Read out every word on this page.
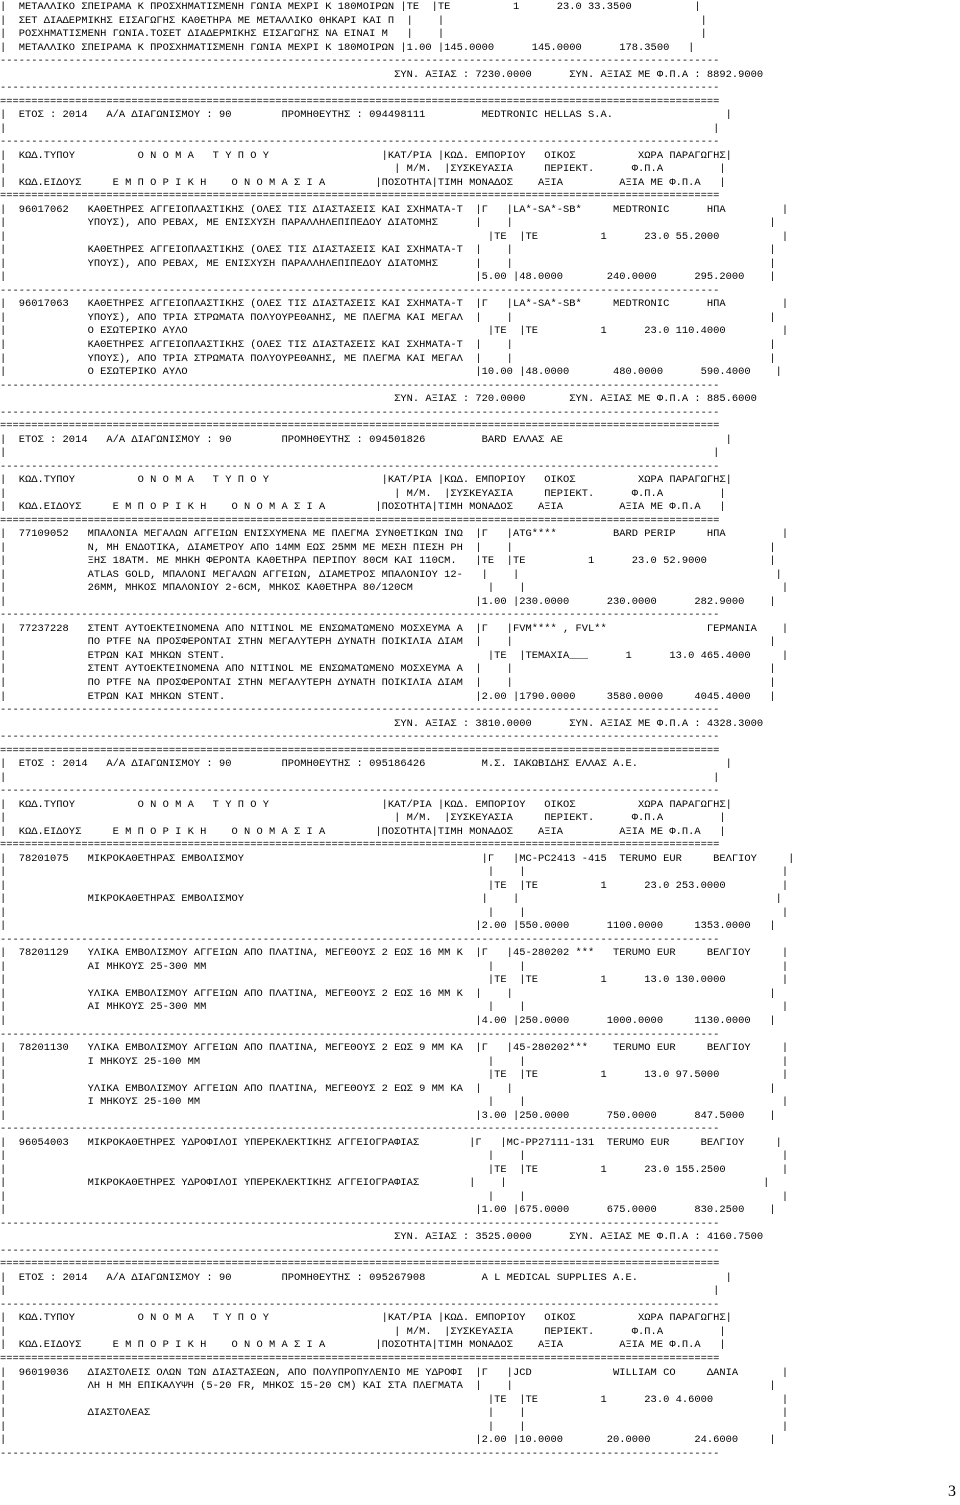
|  ΜΕΤΑΛΛΙΚΟ ΣΠΕΙΡΑΜΑ Κ ΠΡΟΣΧΗΜΑΤΙΣΜΕΝΗ ΓΩΝΙΑ ΜΕΧΡΙ Κ 180ΜΟΙΡΩΝ |ΤΕ  |ΤΕ          1      23.0 33.3500          |
|  ΣΕΤ ΔΙΑΔΕΡΜΙΚΗΣ ΕΙΣΑΓΩΓΗΣ ΚΑΘΕΤΗΡΑ ΜΕ ΜΕΤΑΛΛΙΚΟ ΘΗΚΑΡΙ ΚΑΙ Π  |    |                                         |
|  ΡΟΣΧΗΜΑΤΙΣΜΕΝΗ ΓΩΝΙΑ.ΤΟΣΕΤ ΔΙΑΔΕΡΜΙΚΗΣ ΕΙΣΑΓΩΓΗΣ ΝΑ ΕΙΝΑΙ Μ   |    |                                         |
|  ΜΕΤΑΛΛΙΚΟ ΣΠΕΙΡΑΜΑ Κ ΠΡΟΣΧΗΜΑΤΙΣΜΕΝΗ ΓΩΝΙΑ ΜΕΧΡΙ Κ 180ΜΟΙΡΩΝ |1.00 |145.0000      145.0000      178.3500   |
-------------------------------------------------------------------------------------------------------------------
ΣΥΝ. ΑΞΙΑΣ : 7230.0000      ΣΥΝ. ΑΞΙΑΣ ΜΕ Φ.Π.Α : 8892.9000
-------------------------------------------------------------------------------------------------------------------
===================================================================================================================
|  ΕΤΟΣ : 2014   Α/Α ΔΙΑΓΩΝΙΣΜΟΥ : 90        ΠΡΟΜΗΘΕΥΤΗΣ : 094498111         MEDTRONIC HELLAS S.A.                  |
|                                                                                                                 |
-------------------------------------------------------------------------------------------------------------------
|  ΚΩΔ.ΤΥΠΟΥ          Ο Ν Ο Μ Α   Τ Υ Π Ο Υ                  |ΚΑΤ/ΡΙΑ |ΚΩΔ. ΕΜΠΟΡΙΟΥ   ΟΙΚΟΣ          ΧΩΡΑ ΠΑΡΑΓΩΓΗΣ|
|                                                              | Μ/Μ.  |ΣΥΣΚΕΥΑΣΙΑ     ΠΕΡΙΕΚΤ.      Φ.Π.Α         |
|  ΚΩΔ.ΕΙΔΟΥΣ     Ε Μ Π Ο Ρ Ι Κ Η    Ο Ν Ο Μ Α Σ Ι Α        |ΠΟΣΟΤΗΤΑ|ΤΙΜΗ ΜΟΝΑΔΟΣ    ΑΞΙΑ         ΑΞΙΑ ΜΕ Φ.Π.Α   |
===================================================================================================================
|  96017062   ΚΑΘΕΤΗΡΕΣ ΑΓΓΕΙΟΠΛΑΣΤΙΚΗΣ (ΟΛΕΣ ΤΙΣ ΔΙΑΣΤΑΣΕΙΣ ΚΑΙ ΣΧΗΜΑΤΑ-Τ  |Γ   |LA*-SA*-SB*     MEDTRONIC      ΗΠΑ         |
|             ΥΠΟΥΣ), ΑΠΟ PEBAX, ΜΕ ΕΝΙΣΧΥΣΗ ΠΑΡΑΛΛΗΛΕΠΙΠΕΔΟΥ ΔΙΑΤΟΜΗΣ      |    |                                         |
|                                                                             |ΤΕ  |ΤΕ          1      23.0 55.2000          |
|             ΚΑΘΕΤΗΡΕΣ ΑΓΓΕΙΟΠΛΑΣΤΙΚΗΣ (ΟΛΕΣ ΤΙΣ ΔΙΑΣΤΑΣΕΙΣ ΚΑΙ ΣΧΗΜΑΤΑ-Τ  |    |                                         |
|             ΥΠΟΥΣ), ΑΠΟ PEBAX, ΜΕ ΕΝΙΣΧΥΣΗ ΠΑΡΑΛΛΗΛΕΠΙΠΕΔΟΥ ΔΙΑΤΟΜΗΣ      |    |                                         |
|                                                                           |5.00 |48.0000       240.0000      295.2000    |
-------------------------------------------------------------------------------------------------------------------
|  96017063   ΚΑΘΕΤΗΡΕΣ ΑΓΓΕΙΟΠΛΑΣΤΙΚΗΣ (ΟΛΕΣ ΤΙΣ ΔΙΑΣΤΑΣΕΙΣ ΚΑΙ ΣΧΗΜΑΤΑ-Τ  |Γ   |LA*-SA*-SB*     MEDTRONIC      ΗΠΑ         |
|             ΥΠΟΥΣ), ΑΠΟ ΤΡΙΑ ΣΤΡΩΜΑΤΑ ΠΟΛΥΟΥΡΕΘΑΝΗΣ, ΜΕ ΠΛΕΓΜΑ ΚΑΙ ΜΕΓΑΛ  |    |                                         |
|             Ο ΕΣΩΤΕΡΙΚΟ ΑΥΛΟ                                                |ΤΕ  |ΤΕ          1      23.0 110.4000         |
|             ΚΑΘΕΤΗΡΕΣ ΑΓΓΕΙΟΠΛΑΣΤΙΚΗΣ (ΟΛΕΣ ΤΙΣ ΔΙΑΣΤΑΣΕΙΣ ΚΑΙ ΣΧΗΜΑΤΑ-Τ  |    |                                         |
|             ΥΠΟΥΣ), ΑΠΟ ΤΡΙΑ ΣΤΡΩΜΑΤΑ ΠΟΛΥΟΥΡΕΘΑΝΗΣ, ΜΕ ΠΛΕΓΜΑ ΚΑΙ ΜΕΓΑΛ  |    |                                         |
|             Ο ΕΣΩΤΕΡΙΚΟ ΑΥΛΟ                                              |10.00 |48.0000       480.0000      590.4000    |
-------------------------------------------------------------------------------------------------------------------
ΣΥΝ. ΑΞΙΑΣ : 720.0000       ΣΥΝ. ΑΞΙΑΣ ΜΕ Φ.Π.Α : 885.6000
-------------------------------------------------------------------------------------------------------------------
===================================================================================================================
|  ΕΤΟΣ : 2014   Α/Α ΔΙΑΓΩΝΙΣΜΟΥ : 90        ΠΡΟΜΗΘΕΥΤΗΣ : 094501826         BARD ΕΛΛΑΣ ΑΕ                          |
|                                                                                                                 |
-------------------------------------------------------------------------------------------------------------------
|  ΚΩΔ.ΤΥΠΟΥ          Ο Ν Ο Μ Α   Τ Υ Π Ο Υ                  |ΚΑΤ/ΡΙΑ |ΚΩΔ. ΕΜΠΟΡΙΟΥ   ΟΙΚΟΣ          ΧΩΡΑ ΠΑΡΑΓΩΓΗΣ|
|                                                              | Μ/Μ.  |ΣΥΣΚΕΥΑΣΙΑ     ΠΕΡΙΕΚΤ.      Φ.Π.Α         |
|  ΚΩΔ.ΕΙΔΟΥΣ     Ε Μ Π Ο Ρ Ι Κ Η    Ο Ν Ο Μ Α Σ Ι Α        |ΠΟΣΟΤΗΤΑ|ΤΙΜΗ ΜΟΝΑΔΟΣ    ΑΞΙΑ         ΑΞΙΑ ΜΕ Φ.Π.Α   |
===================================================================================================================
|  77109052   ΜΠΑΛΟΝΙΑ ΜΕΓΑΛΩΝ ΑΓΓΕΙΩΝ ΕΝΙΣΧΥΜΕΝΑ ΜΕ ΠΛΕΓΜΑ ΣΥΝΘΕΤΙΚΩΝ ΙΝΩ  |Γ   |ATG****         BARD PERIP     ΗΠΑ         |
|             Ν, ΜΗ ΕΝΔΟΤΙΚΑ, ΔΙΑΜΕΤΡΟΥ ΑΠΟ 14ΜΜ ΕΩΣ 25ΜΜ ΜΕ ΜΕΣΗ ΠΙΕΣΗ ΡΗ  |    |                                         |
|             ΞΗΣ 18ΑΤΜ. ΜΕ ΜΗΚΗ ΦΕΡΟΝΤΑ ΚΑΘΕΤΗΡΑ ΠΕΡΙΠΟΥ 80CM ΚΑΙ 110CM.   |ΤΕ  |ΤΕ          1      23.0 52.9000          |
|             ATLAS GOLD, ΜΠΑΛΟΝΙ ΜΕΓΑΛΩΝ ΑΓΓΕΙΩΝ, ΔΙΑΜΕΤΡΟΣ ΜΠΑΛΟΝΙΟΥ 12-   |    |                                         |
|             26ΜΜ, ΜΗΚΟΣ ΜΠΑΛΟΝΙΟΥ 2-6CM, ΜΗΚΟΣ ΚΑΘΕΤΗΡΑ 80/120CM            |    |                                         |
|                                                                           |1.00 |230.0000      230.0000      282.9000    |
-------------------------------------------------------------------------------------------------------------------
|  77237228   ΣΤΕΝΤ ΑΥΤΟΕΚΤΕΙΝΟΜΕΝΑ ΑΠΟ NITINOL ΜΕ ΕΝΣΩΜΑΤΩΜΕΝΟ ΜΟΣΧΕΥΜΑ Α  |Γ   |FVM**** , FVL**                ΓΕΡΜΑΝΙΑ    |
|             ΠΟ PTFE ΝΑ ΠΡΟΣΦΕΡΟΝΤΑΙ ΣΤΗΝ ΜΕΓΑΛΥΤΕΡΗ ΔΥΝΑΤΗ ΠΟΙΚΙΛΙΑ ΔΙΑΜ  |    |                                         |
|             ΕΤΡΩΝ ΚΑΙ ΜΗΚΩΝ STENT.                                          |ΤΕ  |ΤΕΜΑΧΙΑ___      1      13.0 465.4000     |
|             ΣΤΕΝΤ ΑΥΤΟΕΚΤΕΙΝΟΜΕΝΑ ΑΠΟ NITINOL ΜΕ ΕΝΣΩΜΑΤΩΜΕΝΟ ΜΟΣΧΕΥΜΑ Α  |    |                                         |
|             ΠΟ PTFE ΝΑ ΠΡΟΣΦΕΡΟΝΤΑΙ ΣΤΗΝ ΜΕΓΑΛΥΤΕΡΗ ΔΥΝΑΤΗ ΠΟΙΚΙΛΙΑ ΔΙΑΜ  |    |                                         |
|             ΕΤΡΩΝ ΚΑΙ ΜΗΚΩΝ STENT.                                        |2.00 |1790.0000     3580.0000     4045.4000   |
-------------------------------------------------------------------------------------------------------------------
ΣΥΝ. ΑΞΙΑΣ : 3810.0000      ΣΥΝ. ΑΞΙΑΣ ΜΕ Φ.Π.Α : 4328.3000
-------------------------------------------------------------------------------------------------------------------
===================================================================================================================
|  ΕΤΟΣ : 2014   Α/Α ΔΙΑΓΩΝΙΣΜΟΥ : 90        ΠΡΟΜΗΘΕΥΤΗΣ : 095186426         Μ.Σ. ΙΑΚΩΒΙΔΗΣ ΕΛΛΑΣ Α.Ε.              |
|                                                                                                                 |
-------------------------------------------------------------------------------------------------------------------
|  ΚΩΔ.ΤΥΠΟΥ          Ο Ν Ο Μ Α   Τ Υ Π Ο Υ                  |ΚΑΤ/ΡΙΑ |ΚΩΔ. ΕΜΠΟΡΙΟΥ   ΟΙΚΟΣ          ΧΩΡΑ ΠΑΡΑΓΩΓΗΣ|
|                                                              | Μ/Μ.  |ΣΥΣΚΕΥΑΣΙΑ     ΠΕΡΙΕΚΤ.      Φ.Π.Α         |
|  ΚΩΔ.ΕΙΔΟΥΣ     Ε Μ Π Ο Ρ Ι Κ Η    Ο Ν Ο Μ Α Σ Ι Α        |ΠΟΣΟΤΗΤΑ|ΤΙΜΗ ΜΟΝΑΔΟΣ    ΑΞΙΑ         ΑΞΙΑ ΜΕ Φ.Π.Α   |
===================================================================================================================
|  78201075   ΜΙΚΡΟΚΑΘΕΤΗΡΑΣ ΕΜΒΟΛΙΣΜΟΥ                                      |Γ   |MC-PC2413 -415  TERUMO EUR     ΒΕΛΓΙΟΥ     |
|                                                                             |    |                                         |
|                                                                             |ΤΕ  |ΤΕ          1      23.0 253.0000         |
|             ΜΙΚΡΟΚΑΘΕΤΗΡΑΣ ΕΜΒΟΛΙΣΜΟΥ                                      |    |                                         |
|                                                                             |    |                                         |
|                                                                           |2.00 |550.0000      1100.0000     1353.0000   |
-------------------------------------------------------------------------------------------------------------------
|  78201129   ΥΛΙΚΑ ΕΜΒΟΛΙΣΜΟΥ ΑΓΓΕΙΩΝ ΑΠΟ ΠΛΑΤΙΝΑ, ΜΕΓΕΘΟΥΣ 2 ΕΩΣ 16 ΜΜ Κ  |Γ   |45-280202 ***   TERUMO EUR     ΒΕΛΓΙΟΥ     |
|             ΑΙ ΜΗΚΟΥΣ 25-300 ΜΜ                                             |    |                                         |
|                                                                             |ΤΕ  |ΤΕ          1      13.0 130.0000         |
|             ΥΛΙΚΑ ΕΜΒΟΛΙΣΜΟΥ ΑΓΓΕΙΩΝ ΑΠΟ ΠΛΑΤΙΝΑ, ΜΕΓΕΘΟΥΣ 2 ΕΩΣ 16 ΜΜ Κ  |    |                                         |
|             ΑΙ ΜΗΚΟΥΣ 25-300 ΜΜ                                             |    |                                         |
|                                                                           |4.00 |250.0000      1000.0000     1130.0000   |
-------------------------------------------------------------------------------------------------------------------
|  78201130   ΥΛΙΚΑ ΕΜΒΟΛΙΣΜΟΥ ΑΓΓΕΙΩΝ ΑΠΟ ΠΛΑΤΙΝΑ, ΜΕΓΕΘΟΥΣ 2 ΕΩΣ 9 ΜΜ ΚΑ  |Γ   |45-280202***    TERUMO EUR     ΒΕΛΓΙΟΥ     |
|             Ι ΜΗΚΟΥΣ 25-100 ΜΜ                                              |    |                                         |
|                                                                             |ΤΕ  |ΤΕ          1      13.0 97.5000          |
|             ΥΛΙΚΑ ΕΜΒΟΛΙΣΜΟΥ ΑΓΓΕΙΩΝ ΑΠΟ ΠΛΑΤΙΝΑ, ΜΕΓΕΘΟΥΣ 2 ΕΩΣ 9 ΜΜ ΚΑ  |    |                                         |
|             Ι ΜΗΚΟΥΣ 25-100 ΜΜ                                              |    |                                         |
|                                                                           |3.00 |250.0000      750.0000      847.5000    |
-------------------------------------------------------------------------------------------------------------------
|  96054003   ΜΙΚΡΟΚΑΘΕΤΗΡΕΣ ΥΔΡΟΦΙΛΟΙ ΥΠΕΡΕΚΛΕΚΤΙΚΗΣ ΑΓΓΕΙΟΓΡΑΦΙΑΣ        |Γ   |MC-PP27111-131  TERUMO EUR     ΒΕΛΓΙΟΥ     |
|                                                                             |    |                                         |
|                                                                             |ΤΕ  |ΤΕ          1      23.0 155.2500         |
|             ΜΙΚΡΟΚΑΘΕΤΗΡΕΣ ΥΔΡΟΦΙΛΟΙ ΥΠΕΡΕΚΛΕΚΤΙΚΗΣ ΑΓΓΕΙΟΓΡΑΦΙΑΣ        |    |                                         |
|                                                                             |    |                                         |
|                                                                           |1.00 |675.0000      675.0000      830.2500    |
-------------------------------------------------------------------------------------------------------------------
ΣΥΝ. ΑΞΙΑΣ : 3525.0000      ΣΥΝ. ΑΞΙΑΣ ΜΕ Φ.Π.Α : 4160.7500
-------------------------------------------------------------------------------------------------------------------
===================================================================================================================
|  ΕΤΟΣ : 2014   Α/Α ΔΙΑΓΩΝΙΣΜΟΥ : 90        ΠΡΟΜΗΘΕΥΤΗΣ : 095267908         A L MEDICAL SUPPLIES A.E.              |
|                                                                                                                 |
-------------------------------------------------------------------------------------------------------------------
|  ΚΩΔ.ΤΥΠΟΥ          Ο Ν Ο Μ Α   Τ Υ Π Ο Υ                  |ΚΑΤ/ΡΙΑ |ΚΩΔ. ΕΜΠΟΡΙΟΥ   ΟΙΚΟΣ          ΧΩΡΑ ΠΑΡΑΓΩΓΗΣ|
|                                                              | Μ/Μ.  |ΣΥΣΚΕΥΑΣΙΑ     ΠΕΡΙΕΚΤ.      Φ.Π.Α         |
|  ΚΩΔ.ΕΙΔΟΥΣ     Ε Μ Π Ο Ρ Ι Κ Η    Ο Ν Ο Μ Α Σ Ι Α        |ΠΟΣΟΤΗΤΑ|ΤΙΜΗ ΜΟΝΑΔΟΣ    ΑΞΙΑ         ΑΞΙΑ ΜΕ Φ.Π.Α   |
===================================================================================================================
|  96019036   ΔΙΑΣΤΟΛΕΙΣ ΟΛΩΝ ΤΩΝ ΔΙΑΣΤΑΣΕΩΝ, ΑΠΟ ΠΟΛΥΠΡΟΠΥΛΕΝΙΟ ΜΕ ΥΔΡΟΦΙ  |Γ   |JCD             WILLIAM CO     ΔΑΝΙΑ       |
|             ΛΗ Η ΜΗ ΕΠΙΚΑΛΥΨΗ (5-20 FR, ΜΗΚΟΣ 15-20 CM) ΚΑΙ ΣΤΑ ΠΛΕΓΜΑΤΑ  |    |                                         |
|                                                                             |ΤΕ  |ΤΕ          1      23.0 4.6000           |
|             ΔΙΑΣΤΟΛΕΑΣ                                                      |    |                                         |
|                                                                             |    |                                         |
|                                                                           |2.00 |10.0000       20.0000       24.6000     |
-------------------------------------------------------------------------------------------------------------------
3
